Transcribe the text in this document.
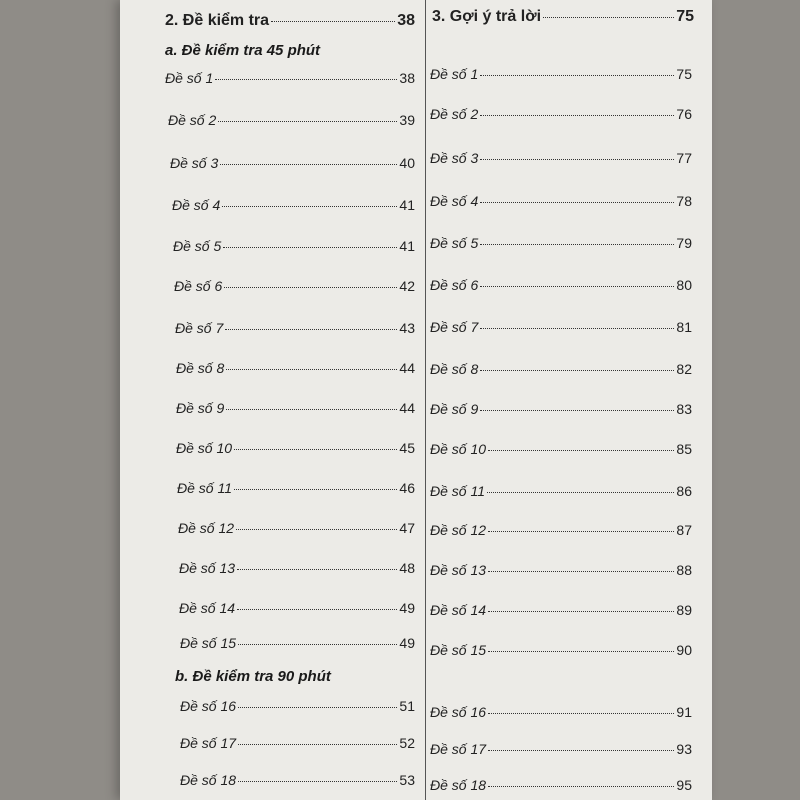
2. Đề kiểm tra	38
a. Đề kiểm tra 45 phút
3. Gợi ý trả lời	75
Đề số 1	38
Đề số 2	39
Đề số 3	40
Đề số 4	41
Đề số 5	41
Đề số 6	42
Đề số 7	43
Đề số 8	44
Đề số 9	44
Đề số 10	45
Đề số 11	46
Đề số 12	47
Đề số 13	48
Đề số 14	49
Đề số 15	49
b. Đề kiểm tra 90 phút
Đề số 16	51
Đề số 17	52
Đề số 18	53
Đề số 1	75
Đề số 2	76
Đề số 3	77
Đề số 4	78
Đề số 5	79
Đề số 6	80
Đề số 7	81
Đề số 8	82
Đề số 9	83
Đề số 10	85
Đề số 11	86
Đề số 12	87
Đề số 13	88
Đề số 14	89
Đề số 15	90
Đề số 16	91
Đề số 17	93
Đề số 18	95
